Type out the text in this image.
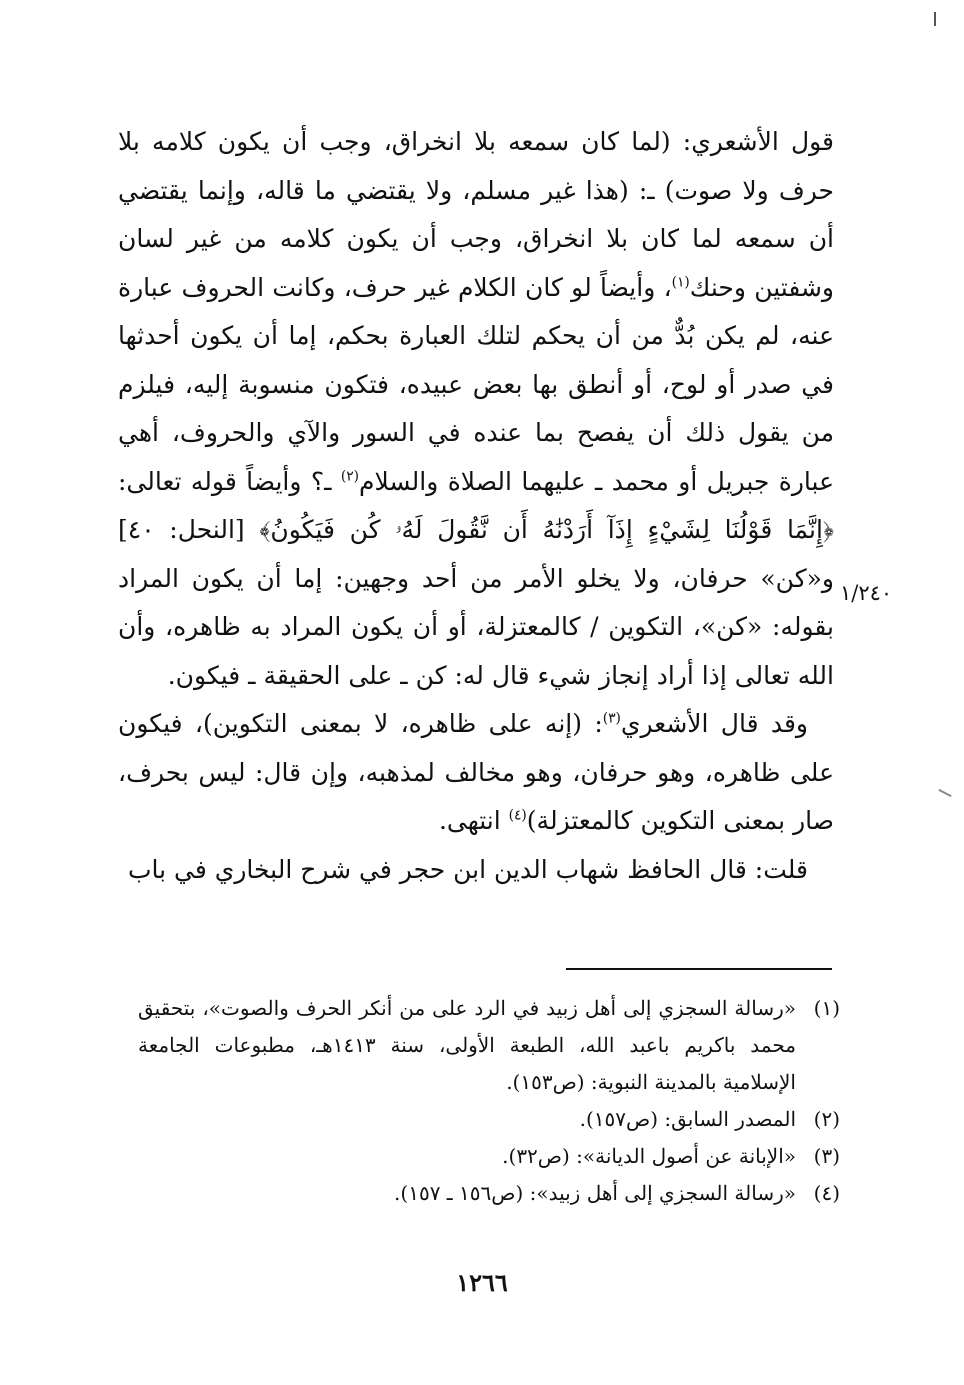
قول الأشعري: (لما كان سمعه بلا انخراق، وجب أن يكون كلامه بلا حرف ولا صوت) ـ: (هذا غير مسلم، ولا يقتضي ما قاله، وإنما يقتضي أن سمعه لما كان بلا انخراق، وجب أن يكون كلامه من غير لسان وشفتين وحنك$^{(١)}$، وأيضاً لو كان الكلام غير حرف، وكانت الحروف عبارة عنه، لم يكن بُدٌّ من أن يحكم لتلك العبارة بحكم، إما أن يكون أحدثها في صدر أو لوح، أو أنطق بها بعض عبيده، فتكون منسوبة إليه، فيلزم من يقول ذلك أن يفصح بما عنده في السور والآي والحروف، أهي عبارة جبريل أو محمد ـ عليهما الصلاة والسلام$^{(٢)}$ ـ؟ وأيضاً قوله تعالى: ﴿إِنَّمَا قَوْلُنَا لِشَيْءٍ إِذَآ أَرَدْنَٰهُ أَن نَّقُولَ لَهُۥ كُن فَيَكُونُ﴾ [النحل: ٤٠] و«كن» حرفان، ولا يخلو الأمر من أحد وجهين: إما أن يكون المراد بقوله: «كن»، التكوين / كالمعتزلة، أو أن يكون المراد به ظاهره، وأن الله تعالى إذا أراد إنجاز شيء قال له: كن ـ على الحقيقة ـ فيكون.

وقد قال الأشعري$^{(٣)}$: (إنه على ظاهره، لا بمعنى التكوين)، فيكون على ظاهره، وهو حرفان، وهو مخالف لمذهبه، وإن قال: ليس بحرف، صار بمعنى التكوين كالمعتزلة)$^{(٤)}$ انتهى.

قلت: قال الحافظ شهاب الدين ابن حجر في شرح البخاري في باب

١/٢٤٠
(١)
«رسالة السجزي إلى أهل زبيد في الرد على من أنكر الحرف والصوت»، بتحقيق محمد باكريم باعبد الله، الطبعة الأولى، سنة ١٤١٣هـ، مطبوعات الجامعة الإسلامية بالمدينة النبوية: (ص١٥٣).
(٢)
المصدر السابق: (ص١٥٧).
(٣)
«الإبانة عن أصول الديانة»: (ص٣٢).
(٤)
«رسالة السجزي إلى أهل زبيد»: (ص١٥٦ ـ ١٥٧).
١٢٦٦
